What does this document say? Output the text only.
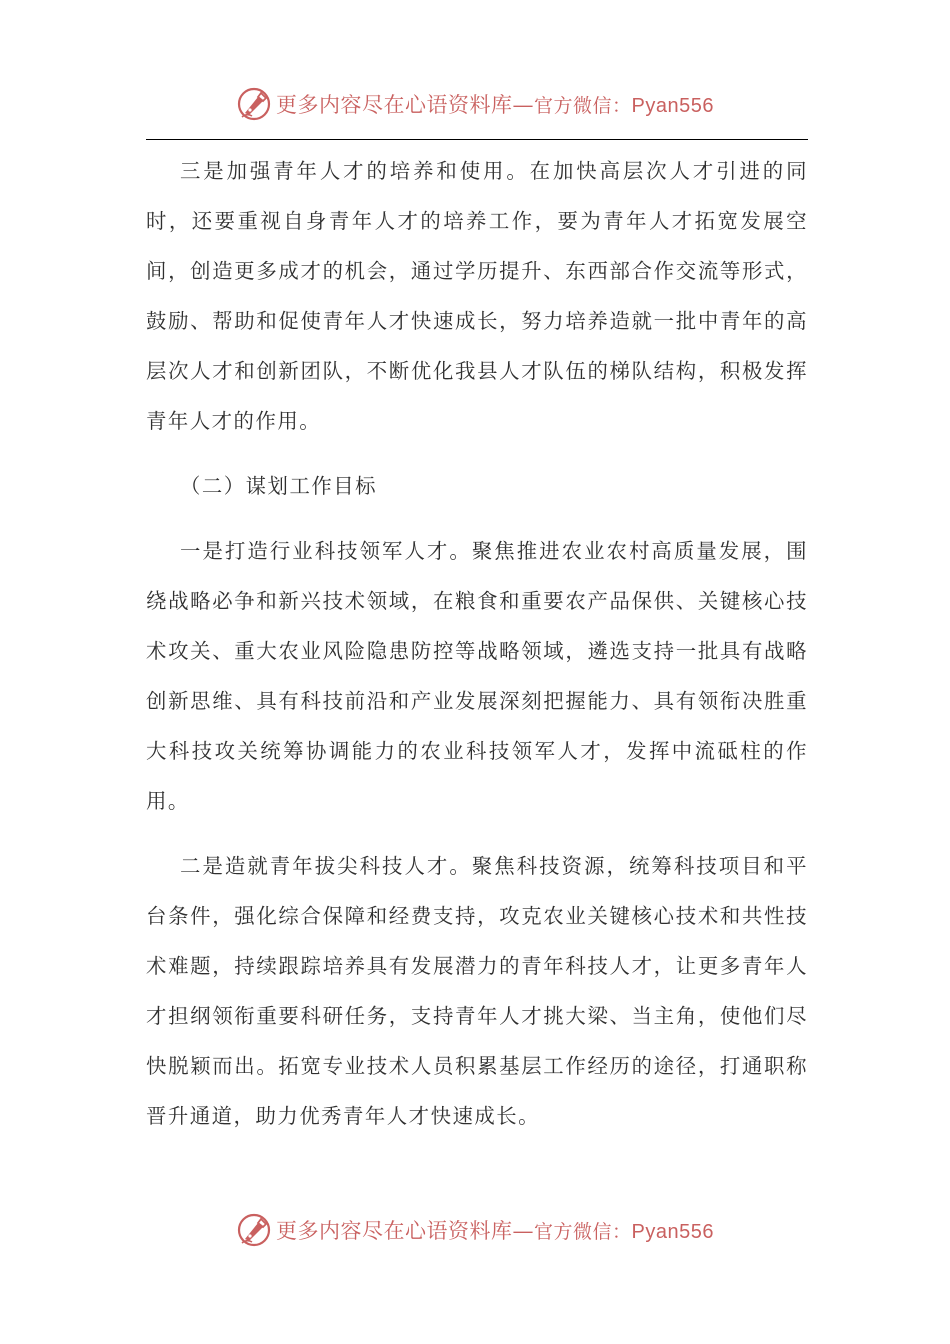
更多内容尽在心语资料库—官方微信：Pyan556

三是加强青年人才的培养和使用。在加快高层次人才引进的同时，还要重视自身青年人才的培养工作，要为青年人才拓宽发展空间，创造更多成才的机会，通过学历提升、东西部合作交流等形式，鼓励、帮助和促使青年人才快速成长，努力培养造就一批中青年的高层次人才和创新团队，不断优化我县人才队伍的梯队结构，积极发挥青年人才的作用。

（二）谋划工作目标

一是打造行业科技领军人才。聚焦推进农业农村高质量发展，围绕战略必争和新兴技术领域，在粮食和重要农产品保供、关键核心技术攻关、重大农业风险隐患防控等战略领域，遴选支持一批具有战略创新思维、具有科技前沿和产业发展深刻把握能力、具有领衔决胜重大科技攻关统筹协调能力的农业科技领军人才，发挥中流砥柱的作用。

二是造就青年拔尖科技人才。聚焦科技资源，统筹科技项目和平台条件，强化综合保障和经费支持，攻克农业关键核心技术和共性技术难题，持续跟踪培养具有发展潜力的青年科技人才，让更多青年人才担纲领衔重要科研任务，支持青年人才挑大梁、当主角，使他们尽快脱颖而出。拓宽专业技术人员积累基层工作经历的途径，打通职称晋升通道，助力优秀青年人才快速成长。

更多内容尽在心语资料库—官方微信：Pyan556
